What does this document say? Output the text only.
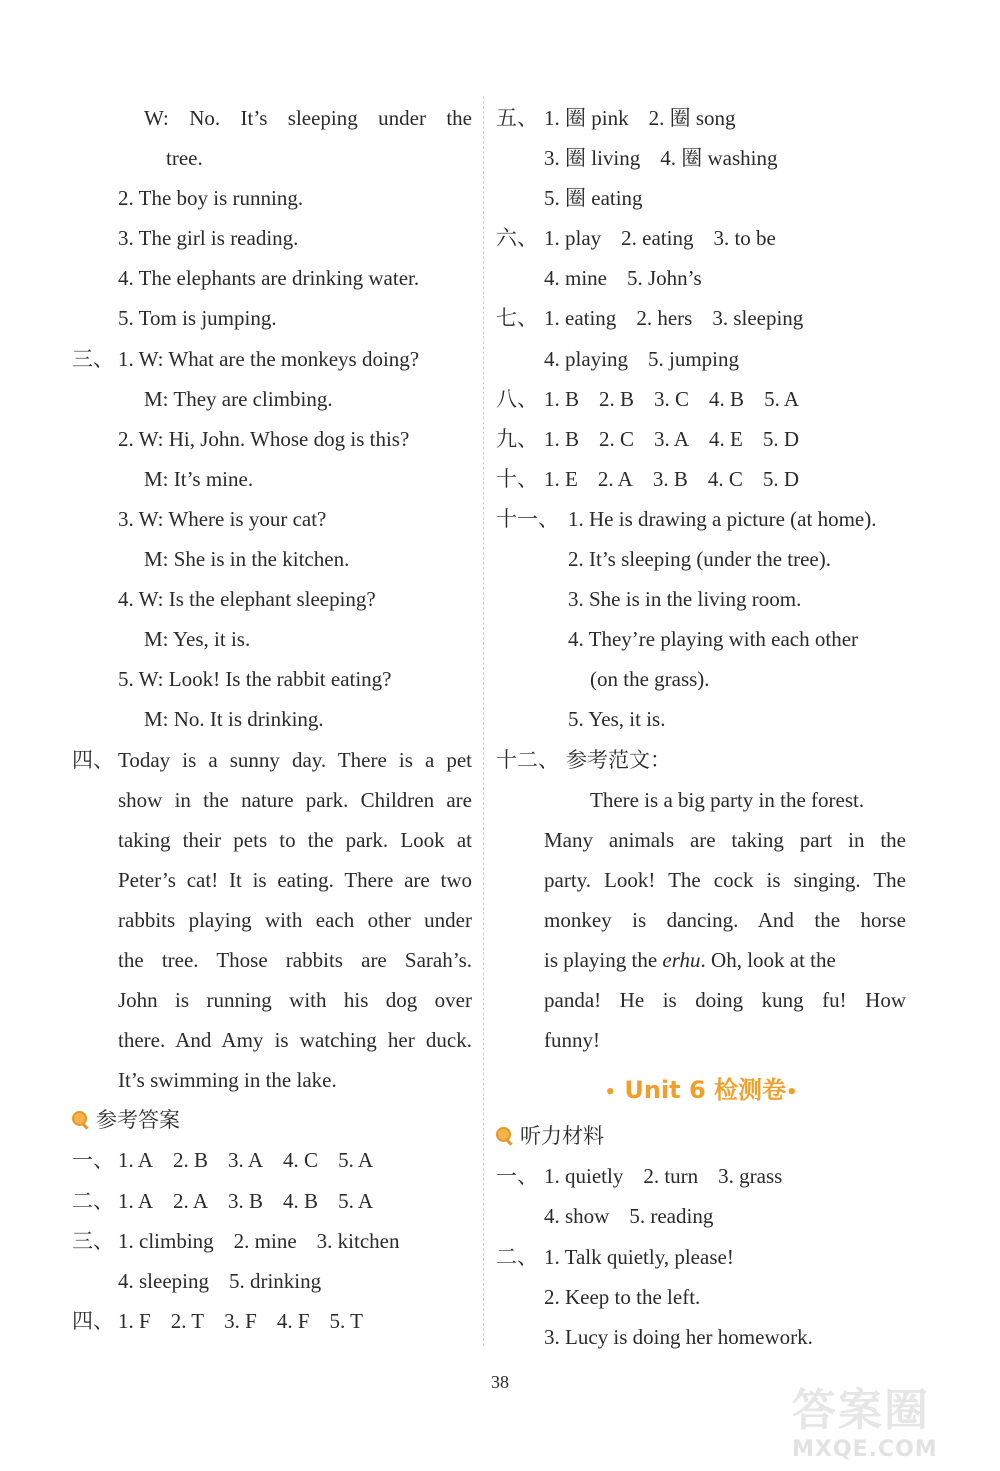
W: No. It’s sleeping under the
tree.
2. The boy is running.
3. The girl is reading.
4. The elephants are drinking water.
5. Tom is jumping.
三、 1. W: What are the monkeys doing?
M: They are climbing.
2. W: Hi, John. Whose dog is this?
M: It’s mine.
3. W: Where is your cat?
M: She is in the kitchen.
4. W: Is the elephant sleeping?
M: Yes, it is.
5. W: Look! Is the rabbit eating?
M: No. It is drinking.
四、 Today is a sunny day. There is a pet
show in the nature park. Children are
taking their pets to the park. Look at
Peter’s cat! It is eating. There are two
rabbits playing with each other under
the tree. Those rabbits are Sarah’s.
John is running with his dog over
there. And Amy is watching her duck.
It’s swimming in the lake.
参考答案
一、 1. A 2. B 3. A 4. C 5. A
二、 1. A 2. A 3. B 4. B 5. A
三、 1. climbing 2. mine 3. kitchen
4. sleeping 5. drinking
四、 1. F 2. T 3. F 4. F 5. T
五、 1. 圈 pink 2. 圈 song
3. 圈 living 4. 圈 washing
5. 圈 eating
六、 1. play 2. eating 3. to be
4. mine 5. John’s
七、 1. eating 2. hers 3. sleeping
4. playing 5. jumping
八、 1. B 2. B 3. C 4. B 5. A
九、 1. B 2. C 3. A 4. E 5. D
十、 1. E 2. A 3. B 4. C 5. D
十一、 1. He is drawing a picture (at home).
2. It’s sleeping (under the tree).
3. She is in the living room.
4. They’re playing with each other
(on the grass).
5. Yes, it is.
十二、 参考范文：
There is a big party in the forest.
Many animals are taking part in the
party. Look! The cock is singing. The
monkey is dancing. And the horse
is playing the
erhu . Oh, look at the
panda! He is doing kung fu! How
funny!
• Unit 6 检测卷•
听力材料
一、 1. quietly 2. turn 3. grass
4. show 5. reading
二、 1. Talk quietly, please!
2. Keep to the left.
3. Lucy is doing her homework.
38
答案圈
MXQE.COM
